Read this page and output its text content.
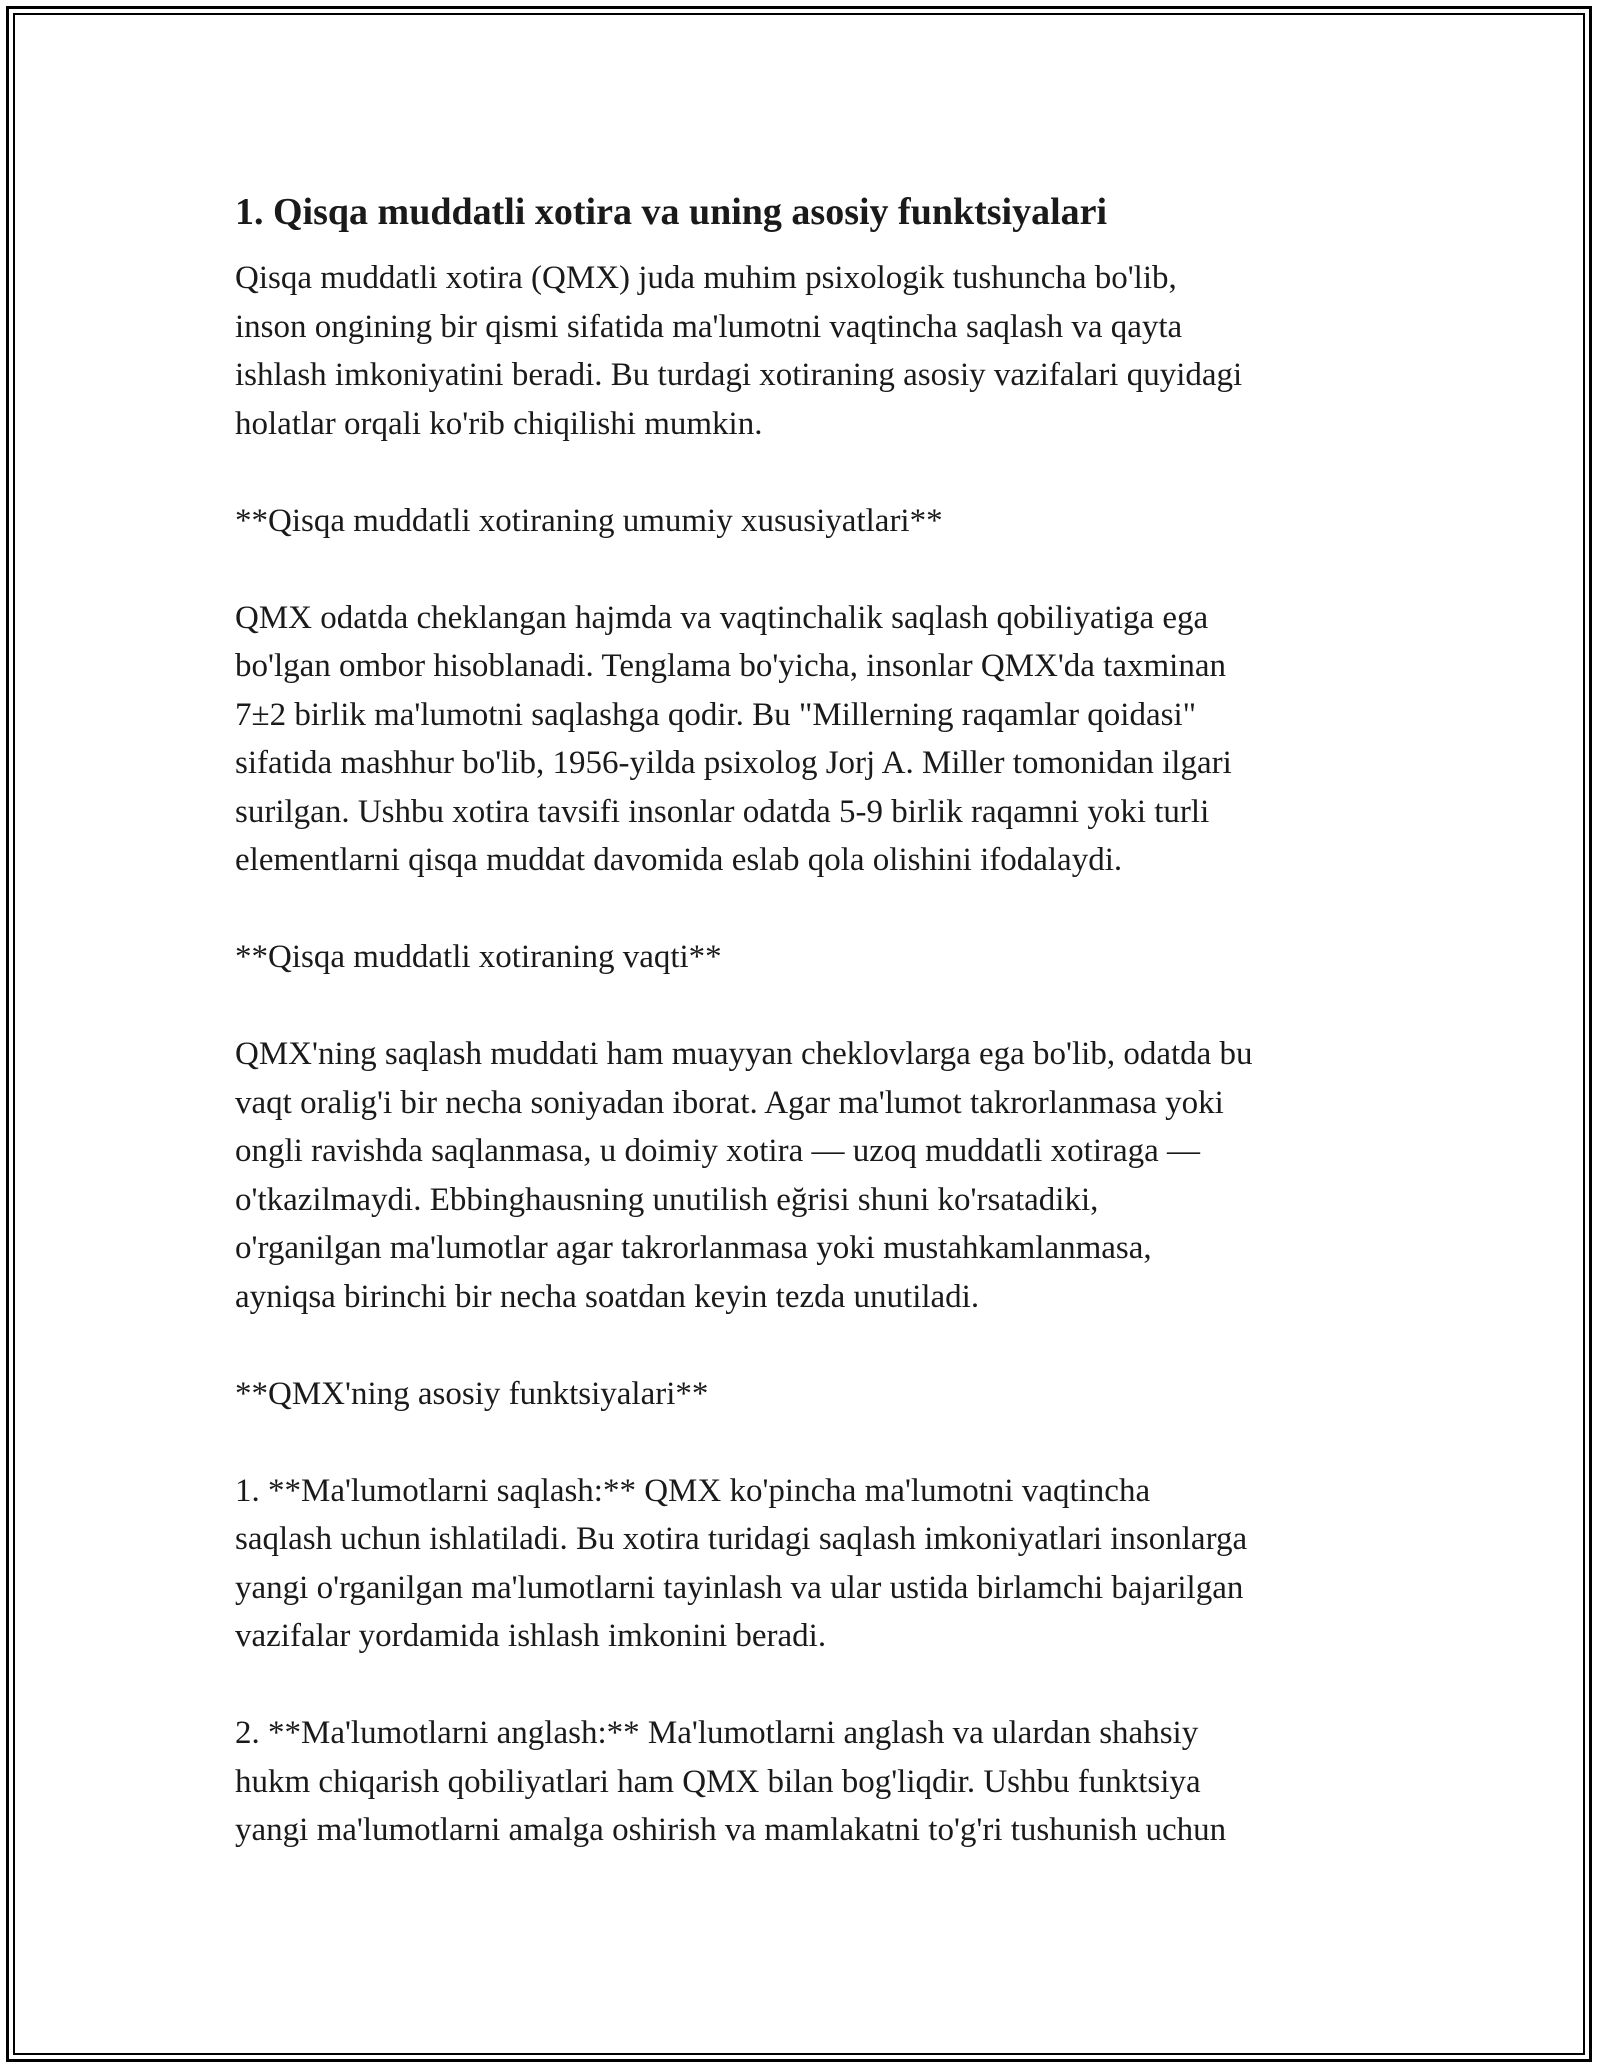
1. Qisqa muddatli xotira va uning asosiy funktsiyalari

Qisqa muddatli xotira (QMX) juda muhim psixologik tushuncha bo'lib,
inson ongining bir qismi sifatida ma'lumotni vaqtincha saqlash va qayta
ishlash imkoniyatini beradi. Bu turdagi xotiraning asosiy vazifalari quyidagi
holatlar orqali ko'rib chiqilishi mumkin.

**Qisqa muddatli xotiraning umumiy xususiyatlari**

QMX odatda cheklangan hajmda va vaqtinchalik saqlash qobiliyatiga ega
bo'lgan ombor hisoblanadi. Tenglama bo'yicha, insonlar QMX'da taxminan
7±2 birlik ma'lumotni saqlashga qodir. Bu "Millerning raqamlar qoidasi"
sifatida mashhur bo'lib, 1956-yilda psixolog Jorj A. Miller tomonidan ilgari
surilgan. Ushbu xotira tavsifi insonlar odatda 5-9 birlik raqamni yoki turli
elementlarni qisqa muddat davomida eslab qola olishini ifodalaydi.

**Qisqa muddatli xotiraning vaqti**

QMX'ning saqlash muddati ham muayyan cheklovlarga ega bo'lib, odatda bu
vaqt oralig'i bir necha soniyadan iborat. Agar ma'lumot takrorlanmasa yoki
ongli ravishda saqlanmasa, u doimiy xotira — uzoq muddatli xotiraga —
o'tkazilmaydi. Ebbinghausning unutilish eğrisi shuni ko'rsatadiki,
o'rganilgan ma'lumotlar agar takrorlanmasa yoki mustahkamlanmasa,
ayniqsa birinchi bir necha soatdan keyin tezda unutiladi.

**QMX'ning asosiy funktsiyalari**

1. **Ma'lumotlarni saqlash:** QMX ko'pincha ma'lumotni vaqtincha
saqlash uchun ishlatiladi. Bu xotira turidagi saqlash imkoniyatlari insonlarga
yangi o'rganilgan ma'lumotlarni tayinlash va ular ustida birlamchi bajarilgan
vazifalar yordamida ishlash imkonini beradi.

2. **Ma'lumotlarni anglash:** Ma'lumotlarni anglash va ulardan shahsiy
hukm chiqarish qobiliyatlari ham QMX bilan bog'liqdir. Ushbu funktsiya
yangi ma'lumotlarni amalga oshirish va mamlakatni to'g'ri tushunish uchun
